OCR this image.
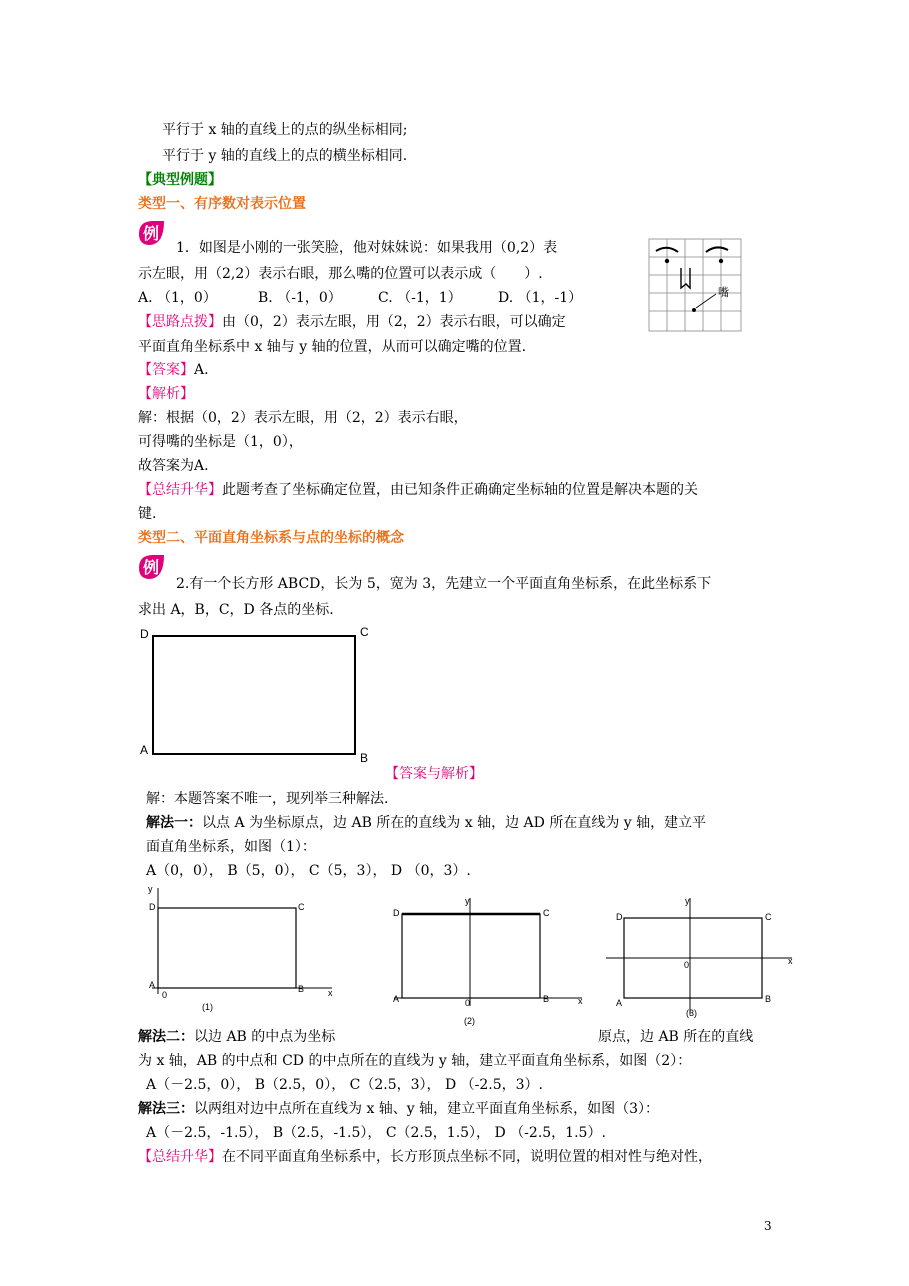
平行于 x 轴的直线上的点的纵坐标相同;
平行于 y 轴的直线上的点的横坐标相同.
【典型例题】
类型一、有序数对表示位置
例
1．如图是小刚的一张笑脸，他对妹妹说：如果我用（0,2）表
示左眼，用（2,2）表示右眼，那么嘴的位置可以表示成（　　）.
A. （1，0）	B. （-1，0）	C. （-1，1）	D. （1，-1）	嘴
【思路点拨】由（0，2）表示左眼，用（2，2）表示右眼，可以确定
平面直角坐标系中 x 轴与 y 轴的位置，从而可以确定嘴的位置.
【答案】A.
【解析】
解：根据（0，2）表示左眼，用（2，2）表示右眼，
可得嘴的坐标是（1，0），
故答案为A.
【总结升华】此题考查了坐标确定位置，由已知条件正确确定坐标轴的位置是解决本题的关
键.
类型二、平面直角坐标系与点的坐标的概念
例
2.有一个长方形 ABCD，长为 5，宽为 3，先建立一个平面直角坐标系，在此坐标系下
求出 A，B，C，D 各点的坐标.
D	C
A
B
【答案与解析】
解：本题答案不唯一，现列举三种解法.
解法一：以点 A 为坐标原点，边 AB 所在的直线为 x 轴，边 AD 所在直线为 y 轴，建立平
面直角坐标系，如图（1）：
A（0，0）， B（5，0）， C（5，3）， D （0，3）.
y
x
D	C
A	B
0
(1)
y
x
D	C
A	B
0
(2)
y
x
D	C
A	B
0
(3)
解法二：以边 AB 的中点为坐标	原点，边 AB 所在的直线
为 x 轴，AB 的中点和 CD 的中点所在的直线为 y 轴，建立平面直角坐标系，如图（2）：
A（－2.5，0）， B（2.5，0）， C（2.5，3）， D （-2.5，3）.
解法三：以两组对边中点所在直线为 x 轴、y 轴，建立平面直角坐标系，如图（3）：
A（－2.5，-1.5）， B（2.5，-1.5）， C（2.5，1.5）， D （-2.5，1.5）.
【总结升华】在不同平面直角坐标系中，长方形顶点坐标不同，说明位置的相对性与绝对性，
3
